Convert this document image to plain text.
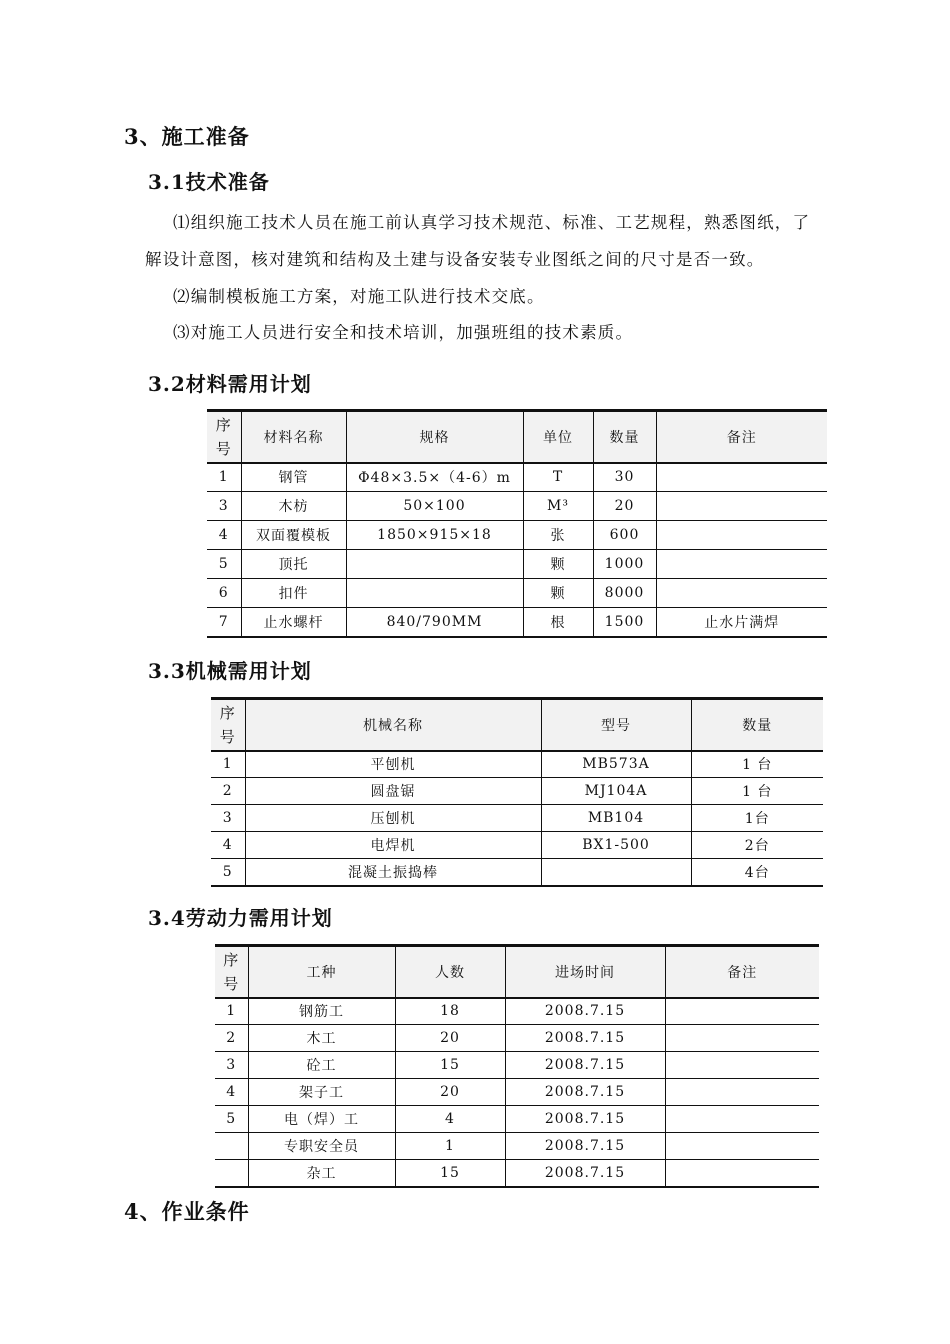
3、施工准备
3.1技术准备
⑴组织施工技术人员在施工前认真学习技术规范、标准、工艺规程，熟悉图纸，了
解设计意图，核对建筑和结构及土建与设备安装专业图纸之间的尺寸是否一致。
⑵编制模板施工方案，对施工队进行技术交底。
⑶对施工人员进行安全和技术培训，加强班组的技术素质。
3.2材料需用计划
序
号	材料名称	规格	单位	数量	备注
1	钢管	Φ48×3.5×（4-6）m	T	30	
3	木枋	50×100	M³	20	
4	双面覆模板	1850×915×18	张	600	
5	顶托		颗	1000	
6	扣件		颗	8000	
7	止水螺杆	840/790MM	根	1500	止水片满焊
3.3机械需用计划
序
号	机械名称	型号	数量
1	平刨机	MB573A	1 台
2	圆盘锯	MJ104A	1 台
3	压刨机	MB104	1台
4	电焊机	BX1-500	2台
5	混凝土振捣棒		4台
3.4劳动力需用计划
序
号	工种	人数	进场时间	备注
1	钢筋工	18	2008.7.15	
2	木工	20	2008.7.15	
3	砼工	15	2008.7.15	
4	架子工	20	2008.7.15	
5	电（焊）工	4	2008.7.15	
	专职安全员	1	2008.7.15	
	杂工	15	2008.7.15	
4、作业条件
